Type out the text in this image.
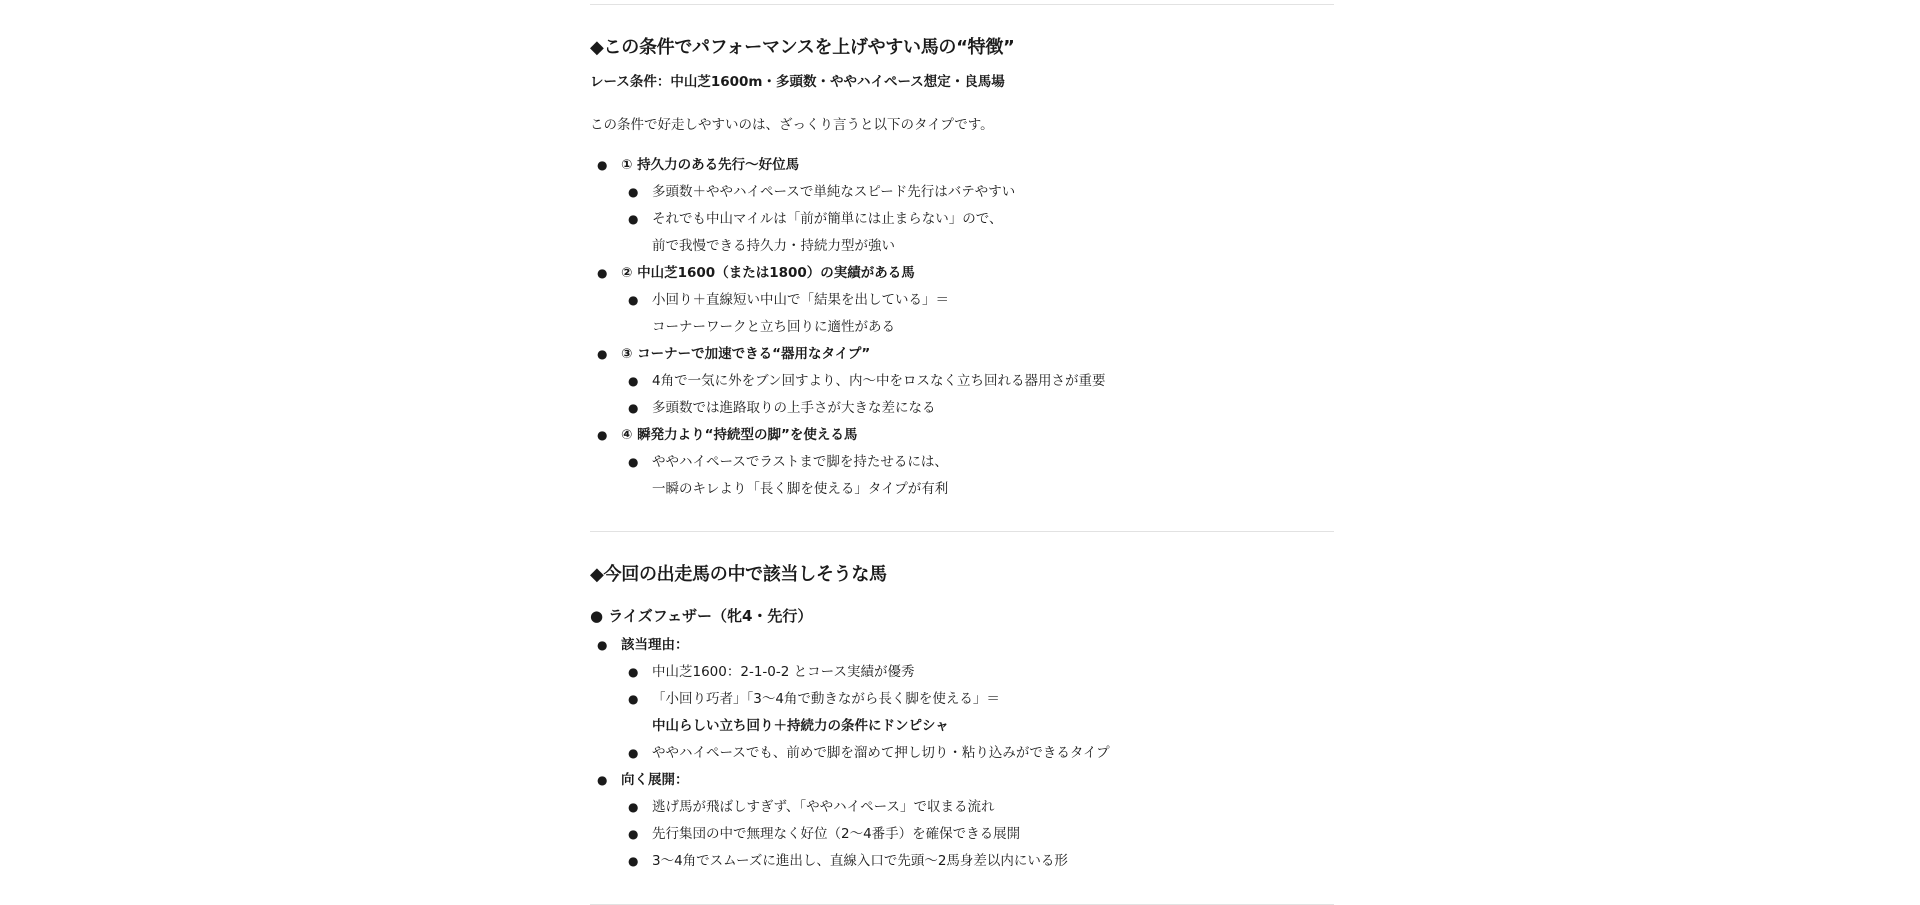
◆この条件でパフォーマンスを上げやすい馬の“特徴”
レース条件：中山芝1600m・多頭数・ややハイペース想定・良馬場
この条件で好走しやすいのは、ざっくり言うと以下のタイプです。
● ① 持久力のある先行〜好位馬
● 多頭数＋ややハイペースで単純なスピード先行はバテやすい
● それでも中山マイルは「前が簡単には止まらない」ので、
前で我慢できる持久力・持続力型が強い
● ② 中山芝1600（または1800）の実績がある馬
● 小回り＋直線短い中山で「結果を出している」＝
コーナーワークと立ち回りに適性がある
● ③ コーナーで加速できる“器用なタイプ”
● 4角で一気に外をブン回すより、内〜中をロスなく立ち回れる器用さが重要
● 多頭数では進路取りの上手さが大きな差になる
● ④ 瞬発力より“持続型の脚”を使える馬
● ややハイペースでラストまで脚を持たせるには、
一瞬のキレより「長く脚を使える」タイプが有利
◆今回の出走馬の中で該当しそうな馬
● ライズフェザー（牝4・先行）
● 該当理由：
● 中山芝1600：2-1-0-2 とコース実績が優秀
● 「小回り巧者」「3〜4角で動きながら長く脚を使える」＝
中山らしい立ち回り＋持続力の条件にドンピシャ
● ややハイペースでも、前めで脚を溜めて押し切り・粘り込みができるタイプ
● 向く展開：
● 逃げ馬が飛ばしすぎず、「ややハイペース」で収まる流れ
● 先行集団の中で無理なく好位（2〜4番手）を確保できる展開
● 3〜4角でスムーズに進出し、直線入口で先頭〜2馬身差以内にいる形
